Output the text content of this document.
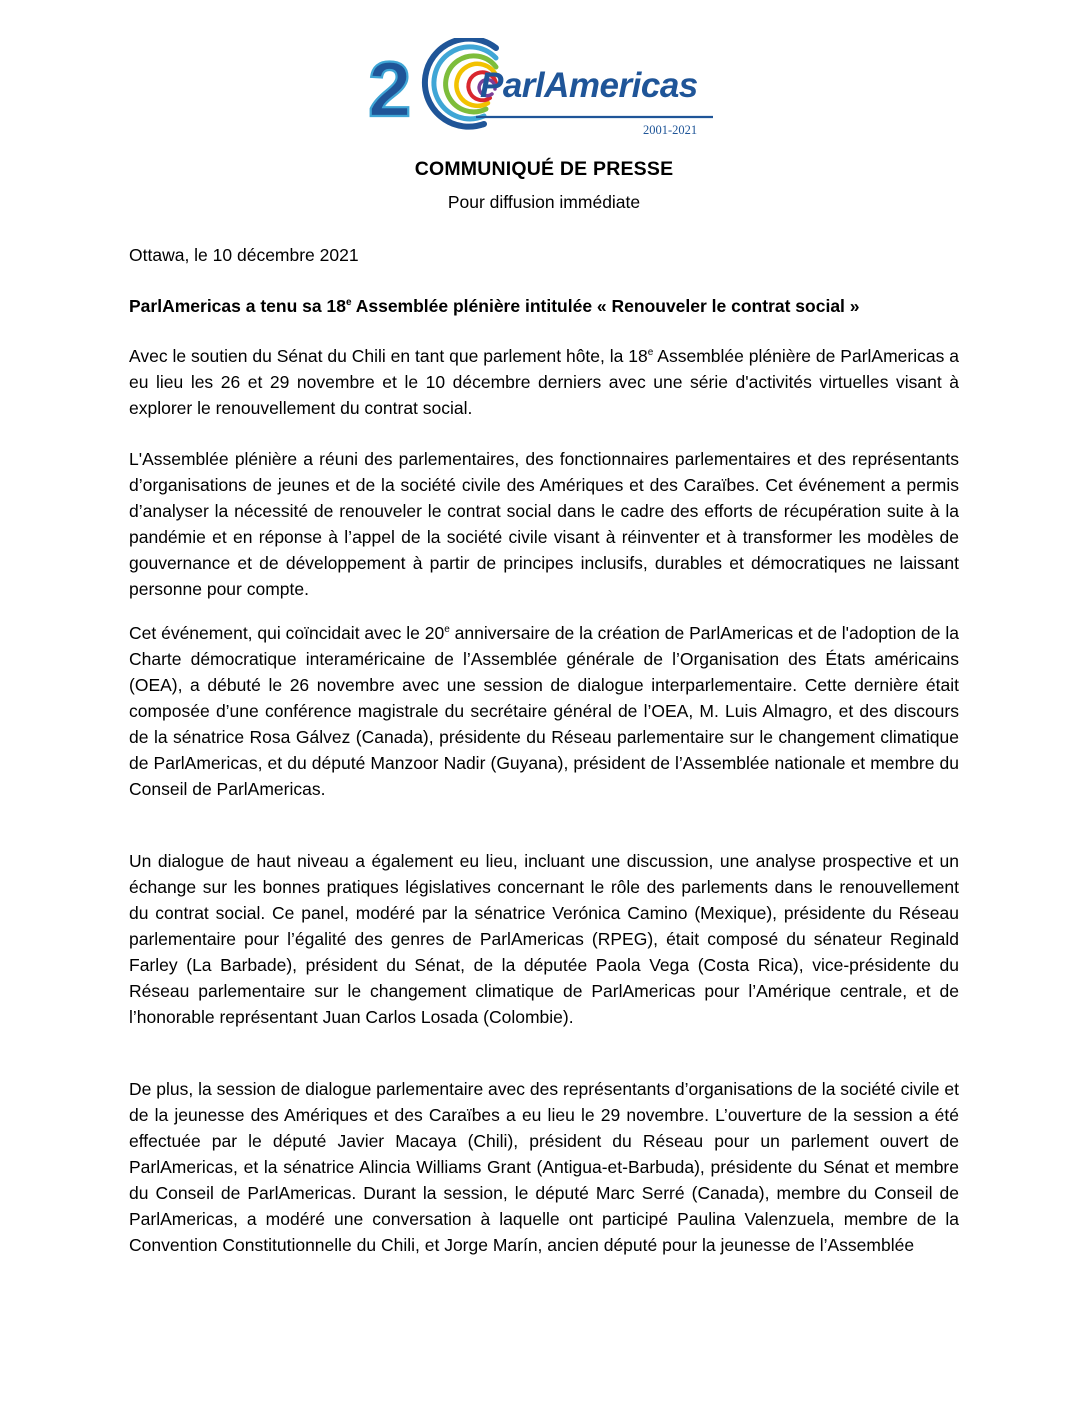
2 ParlAmericas
2001-2021
COMMUNIQUÉ DE PRESSE
Pour diffusion immédiate
Ottawa, le 10 décembre 2021
ParlAmericas a tenu sa 18e Assemblée plénière intitulée « Renouveler le contrat social »

Avec le soutien du Sénat du Chili en tant que parlement hôte, la 18e Assemblée plénière de ParlAmericas a eu lieu les 26 et 29 novembre et le 10 décembre derniers avec une série d'activités virtuelles visant à explorer le renouvellement du contrat social.

L'Assemblée plénière a réuni des parlementaires, des fonctionnaires parlementaires et des représentants d’organisations de jeunes et de la société civile des Amériques et des Caraïbes. Cet événement a permis d’analyser la nécessité de renouveler le contrat social dans le cadre des efforts de récupération suite à la pandémie et en réponse à l’appel de la société civile visant à réinventer et à transformer les modèles de gouvernance et de développement à partir de principes inclusifs, durables et démocratiques ne laissant personne pour compte.

Cet événement, qui coïncidait avec le 20e anniversaire de la création de ParlAmericas et de l'adoption de la Charte démocratique interaméricaine de l’Assemblée générale de l’Organisation des États américains (OEA), a débuté le 26 novembre avec une session de dialogue interparlementaire. Cette dernière était composée d’une conférence magistrale du secrétaire général de l’OEA, M. Luis Almagro, et des discours de la sénatrice Rosa Gálvez (Canada), présidente du Réseau parlementaire sur le changement climatique de ParlAmericas, et du député Manzoor Nadir (Guyana), président de l’Assemblée nationale et membre du Conseil de ParlAmericas.

Un dialogue de haut niveau a également eu lieu, incluant une discussion, une analyse prospective et un échange sur les bonnes pratiques législatives concernant le rôle des parlements dans le renouvellement du contrat social. Ce panel, modéré par la sénatrice Verónica Camino (Mexique), présidente du Réseau parlementaire pour l’égalité des genres de ParlAmericas (RPEG), était composé du sénateur Reginald Farley (La Barbade), président du Sénat, de la députée Paola Vega (Costa Rica), vice-présidente du Réseau parlementaire sur le changement climatique de ParlAmericas pour l’Amérique centrale, et de l’honorable représentant Juan Carlos Losada (Colombie).

De plus, la session de dialogue parlementaire avec des représentants d’organisations de la société civile et de la jeunesse des Amériques et des Caraïbes a eu lieu le 29 novembre. L’ouverture de la session a été effectuée par le député Javier Macaya (Chili), président du Réseau pour un parlement ouvert de ParlAmericas, et la sénatrice Alincia Williams Grant (Antigua-et-Barbuda), présidente du Sénat et membre du Conseil de ParlAmericas. Durant la session, le député Marc Serré (Canada), membre du Conseil de ParlAmericas, a modéré une conversation à laquelle ont participé Paulina Valenzuela, membre de la Convention Constitutionnelle du Chili, et Jorge Marín, ancien député pour la jeunesse de l’Assemblée
